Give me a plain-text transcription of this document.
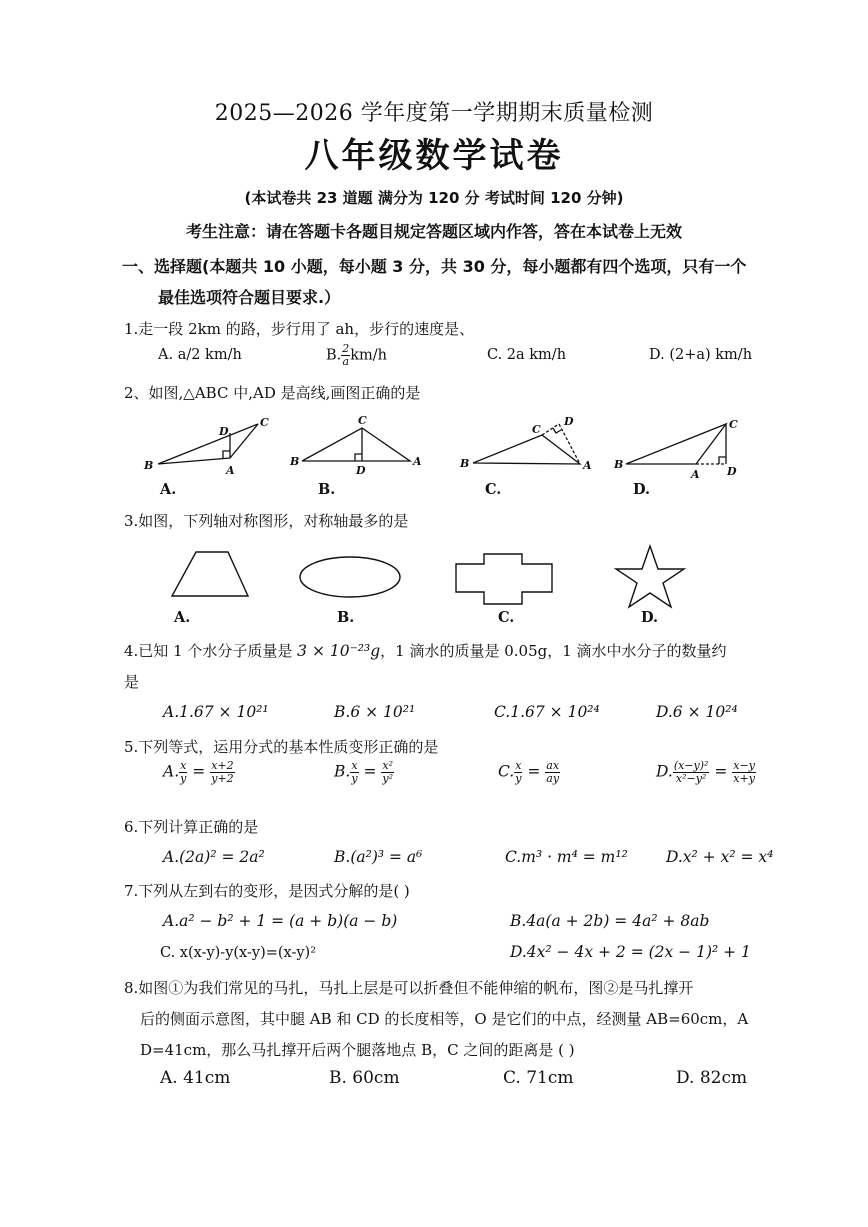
2025—2026 学年度第一学期期末质量检测
八年级数学试卷
(本试卷共 23 道题 满分为 120 分 考试时间 120 分钟)
考生注意：请在答题卡各题目规定答题区域内作答，答在本试卷上无效
一、选择题(本题共 10 小题，每小题 3 分，共 30 分，每小题都有四个选项，只有一个
最佳选项符合题目要求.）
1.走一段 2km 的路，步行用了 ah，步行的速度是、
A. a/2 km/h	B. $\frac{2}{a} km/h$	C. 2a km/h	D. (2+a) km/h
2、如图,△ABC 中,AD 是高线,画图正确的是
B	A
C
D
B	A
C
D
B	A
C
D
B
A
C
D
A.	B.	C.	D.
3.如图，下列轴对称图形，对称轴最多的是
A.	B.	C.	D.
4.已知 1 个水分子质量是 3 × 10⁻²³g，1 滴水的质量是 0.05g，1 滴水中水分子的数量约
是
A.1.67 × 10²¹	B.6 × 10²¹	C.1.67 × 10²⁴	D.6 × 10²⁴
5.下列等式，运用分式的基本性质变形正确的是
A. $\frac{x}{y} = \frac{x+2}{y+2}$	B. $\frac{x}{y} = \frac{\text{x²}}{\text{y²}}$	C. $\frac{x}{y} = \frac{ax}{ay}$	D. $\frac{\text{(x−y)²}}{\text{x²−y²}} = \frac{x-y}{x+y}$
6.下列计算正确的是
A.(2a)² = 2a²	B.(a²)³ = a⁶	C.m³ · m⁴ = m¹² D.x² + x² = x⁴
7.下列从左到右的变形，是因式分解的是( )
A.a² − b² + 1 = (a + b)(a − b)	B.4a(a + 2b) = 4a² + 8ab
C. x(x-y)-y(x-y)=(x-y)²	D.4x² − 4x + 2 = (2x − 1)² + 1
8.如图①为我们常见的马扎，马扎上层是可以折叠但不能伸缩的帆布，图②是马扎撑开
后的侧面示意图，其中腿 AB 和 CD 的长度相等，O 是它们的中点，经测量 AB=60cm，A
D=41cm，那么马扎撑开后两个腿落地点 B，C 之间的距离是 ( )
A. 41cm	B. 60cm	C. 71cm	D. 82cm
